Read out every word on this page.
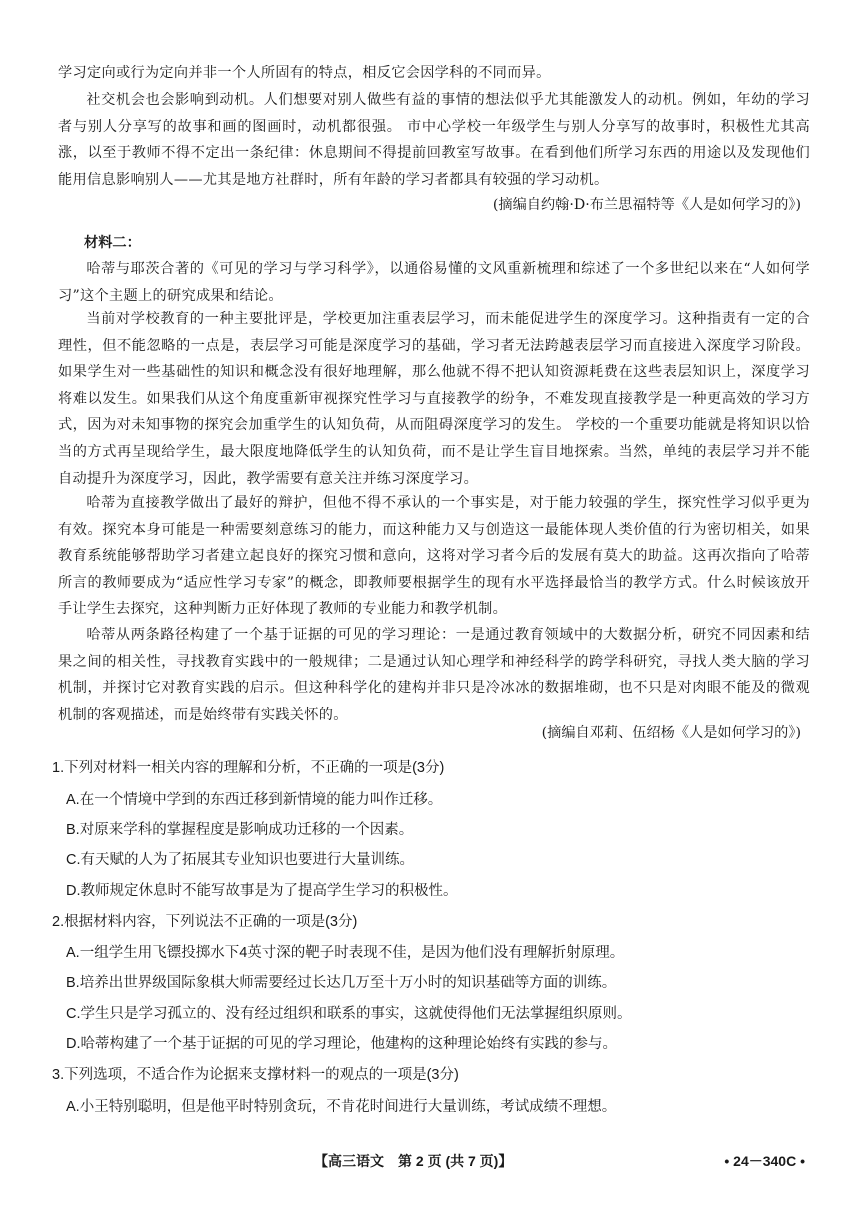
学习定向或行为定向并非一个人所固有的特点，相反它会因学科的不同而异。

社交机会也会影响到动机。人们想要对别人做些有益的事情的想法似乎尤其能激发人的动机。例如，年幼的学习者与别人分享写的故事和画的图画时，动机都很强。 市中心学校一年级学生与别人分享写的故事时，积极性尤其高涨，以至于教师不得不定出一条纪律：休息期间不得提前回教室写故事。在看到他们所学习东西的用途以及发现他们能用信息影响别人——尤其是地方社群时，所有年龄的学习者都具有较强的学习动机。

(摘编自约翰·D·布兰思福特等《人是如何学习的》)

材料二：

哈蒂与耶茨合著的《可见的学习与学习科学》，以通俗易懂的文风重新梳理和综述了一个多世纪以来在“人如何学习”这个主题上的研究成果和结论。

当前对学校教育的一种主要批评是，学校更加注重表层学习，而未能促进学生的深度学习。这种指责有一定的合理性，但不能忽略的一点是，表层学习可能是深度学习的基础，学习者无法跨越表层学习而直接进入深度学习阶段。如果学生对一些基础性的知识和概念没有很好地理解，那么他就不得不把认知资源耗费在这些表层知识上，深度学习将难以发生。如果我们从这个角度重新审视探究性学习与直接教学的纷争，不难发现直接教学是一种更高效的学习方式，因为对未知事物的探究会加重学生的认知负荷，从而阻碍深度学习的发生。 学校的一个重要功能就是将知识以恰当的方式再呈现给学生，最大限度地降低学生的认知负荷，而不是让学生盲目地探索。当然，单纯的表层学习并不能自动提升为深度学习，因此，教学需要有意关注并练习深度学习。

哈蒂为直接教学做出了最好的辩护，但他不得不承认的一个事实是，对于能力较强的学生，探究性学习似乎更为有效。探究本身可能是一种需要刻意练习的能力，而这种能力又与创造这一最能体现人类价值的行为密切相关，如果教育系统能够帮助学习者建立起良好的探究习惯和意向，这将对学习者今后的发展有莫大的助益。这再次指向了哈蒂所言的教师要成为“适应性学习专家”的概念，即教师要根据学生的现有水平选择最恰当的教学方式。什么时候该放开手让学生去探究，这种判断力正好体现了教师的专业能力和教学机制。

哈蒂从两条路径构建了一个基于证据的可见的学习理论：一是通过教育领域中的大数据分析，研究不同因素和结果之间的相关性，寻找教育实践中的一般规律；二是通过认知心理学和神经科学的跨学科研究，寻找人类大脑的学习机制，并探讨它对教育实践的启示。但这种科学化的建构并非只是冷冰冰的数据堆砌，也不只是对肉眼不能及的微观机制的客观描述，而是始终带有实践关怀的。

(摘编自邓莉、伍绍杨《人是如何学习的》)

1.下列对材料一相关内容的理解和分析，不正确的一项是(3分)

A.在一个情境中学到的东西迁移到新情境的能力叫作迁移。

B.对原来学科的掌握程度是影响成功迁移的一个因素。

C.有天赋的人为了拓展其专业知识也要进行大量训练。

D.教师规定休息时不能写故事是为了提高学生学习的积极性。

2.根据材料内容，下列说法不正确的一项是(3分)

A.一组学生用飞镖投掷水下4英寸深的靶子时表现不佳，是因为他们没有理解折射原理。

B.培养出世界级国际象棋大师需要经过长达几万至十万小时的知识基础等方面的训练。

C.学生只是学习孤立的、没有经过组织和联系的事实，这就使得他们无法掌握组织原则。

D.哈蒂构建了一个基于证据的可见的学习理论，他建构的这种理论始终有实践的参与。

3.下列选项，不适合作为论据来支撑材料一的观点的一项是(3分)

A.小王特别聪明，但是他平时特别贪玩，不肯花时间进行大量训练，考试成绩不理想。

【高三语文　第 2 页 (共 7 页)】	• 24－340C •
